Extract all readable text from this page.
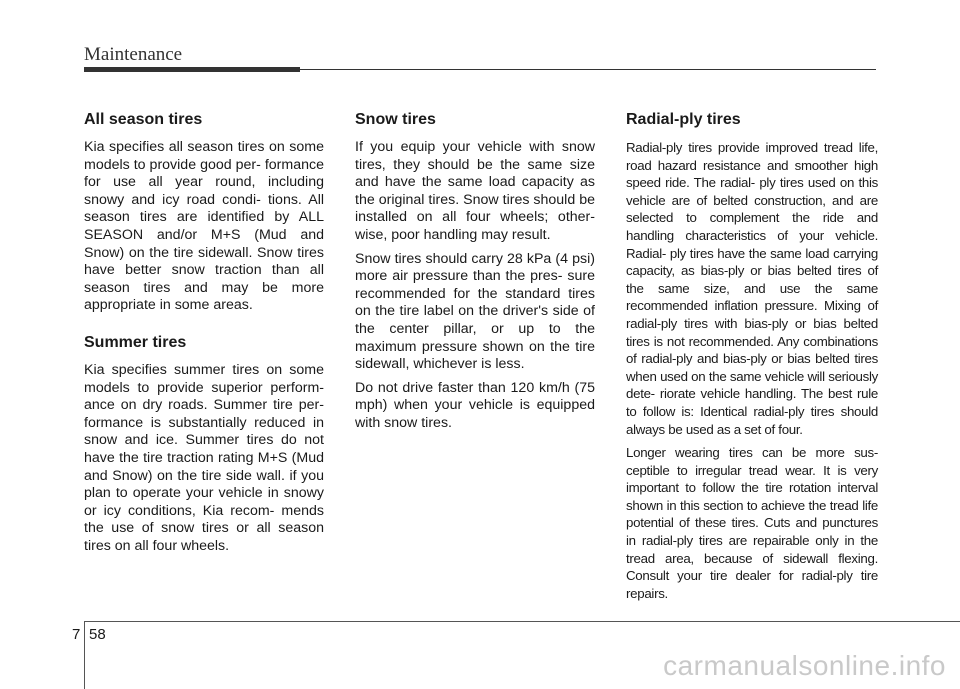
Maintenance
All season tires

Kia specifies all season tires on some models to provide good per- formance for use all year round, including snowy and icy road condi- tions. All season tires are identified by ALL SEASON and/or M+S (Mud and Snow) on the tire sidewall. Snow tires have better snow traction than all season tires and may be more appropriate in some areas.

Summer tires

Kia specifies summer tires on some models to provide superior perform- ance on dry roads. Summer tire per- formance is substantially reduced in snow and ice. Summer tires do not have the tire traction rating M+S (Mud and Snow) on the tire side wall. if you plan to operate your vehicle in snowy or icy conditions, Kia recom- mends the use of snow tires or all season tires on all four wheels.

Snow tires

If you equip your vehicle with snow tires, they should be the same size and have the same load capacity as the original tires. Snow tires should be installed on all four wheels; other- wise, poor handling may result.

Snow tires should carry 28 kPa (4 psi) more air pressure than the pres- sure recommended for the standard tires on the tire label on the driver's side of the center pillar, or up to the maximum pressure shown on the tire sidewall, whichever is less.

Do not drive faster than 120 km/h (75 mph) when your vehicle is equipped with snow tires.

Radial-ply tires

Radial-ply tires provide improved tread life, road hazard resistance and smoother high speed ride. The radial- ply tires used on this vehicle are of belted construction, and are selected to complement the ride and handling characteristics of your vehicle. Radial- ply tires have the same load carrying capacity, as bias-ply or bias belted tires of the same size, and use the same recommended inflation pressure. Mixing of radial-ply tires with bias-ply or bias belted tires is not recommended. Any combinations of radial-ply and bias-ply or bias belted tires when used on the same vehicle will seriously dete- riorate vehicle handling. The best rule to follow is: Identical radial-ply tires should always be used as a set of four.

Longer wearing tires can be more sus- ceptible to irregular tread wear. It is very important to follow the tire rotation interval shown in this section to achieve the tread life potential of these tires. Cuts and punctures in radial-ply tires are repairable only in the tread area, because of sidewall flexing. Consult your tire dealer for radial-ply tire repairs.

7 58
carmanualsonline.info
